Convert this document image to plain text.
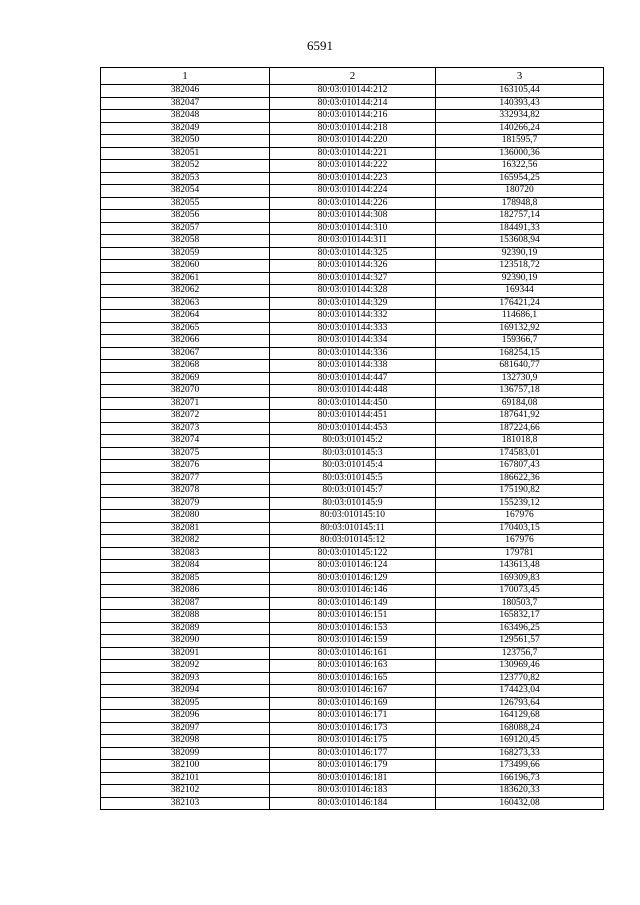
6591
1	2	3
382046	80:03:010144:212	163105,44
382047	80:03:010144:214	140393,43
382048	80:03:010144:216	332934,82
382049	80:03:010144:218	140266,24
382050	80:03:010144:220	181595,7
382051	80:03:010144:221	136000,36
382052	80:03:010144:222	16322,56
382053	80:03:010144:223	165954,25
382054	80:03:010144:224	180720
382055	80:03:010144:226	178948,8
382056	80:03:010144:308	182757,14
382057	80:03:010144:310	184491,33
382058	80:03:010144:311	153608,94
382059	80:03:010144:325	92390,19
382060	80:03:010144:326	123518,72
382061	80:03:010144:327	92390,19
382062	80:03:010144:328	169344
382063	80:03:010144:329	176421,24
382064	80:03:010144:332	114686,1
382065	80:03:010144:333	169132,92
382066	80:03:010144:334	159366,7
382067	80:03:010144:336	168254,15
382068	80:03:010144:338	681640,77
382069	80:03:010144:447	132730,9
382070	80:03:010144:448	136757,18
382071	80:03:010144:450	69184,08
382072	80:03:010144:451	187641,92
382073	80:03:010144:453	187224,66
382074	80:03:010145:2	181018,8
382075	80:03:010145:3	174583,01
382076	80:03:010145:4	167807,43
382077	80:03:010145:5	186622,36
382078	80:03:010145:7	175190,82
382079	80:03:010145:9	155239,12
382080	80:03:010145:10	167976
382081	80:03:010145:11	170403,15
382082	80:03:010145:12	167976
382083	80:03:010145:122	179781
382084	80:03:010146:124	143613,48
382085	80:03:010146:129	169309,83
382086	80:03:010146:146	170073,45
382087	80:03:010146:149	180503,7
382088	80:03:010146:151	165832,17
382089	80:03:010146:153	163496,25
382090	80:03:010146:159	129561,57
382091	80:03:010146:161	123756,7
382092	80:03:010146:163	130969,46
382093	80:03:010146:165	123770,82
382094	80:03:010146:167	174423,04
382095	80:03:010146:169	126793,64
382096	80:03:010146:171	164129,68
382097	80:03:010146:173	168088,24
382098	80:03:010146:175	169120,45
382099	80:03:010146:177	168273,33
382100	80:03:010146:179	173499,66
382101	80:03:010146:181	166196,73
382102	80:03:010146:183	183620,33
382103	80:03:010146:184	160432,08
